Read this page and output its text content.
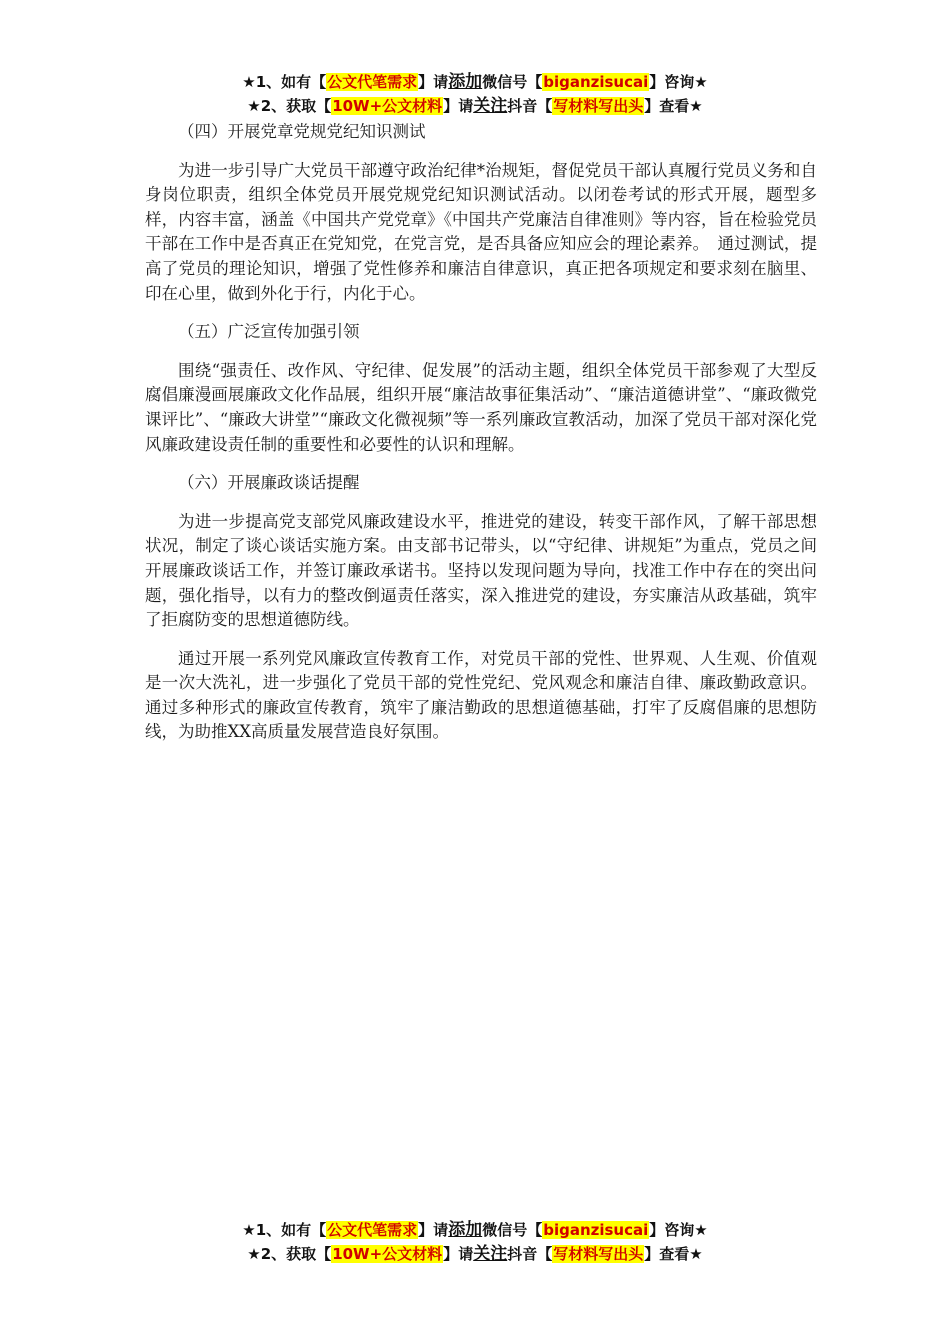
★1、如有【公文代笔需求】请添加微信号【biganzisucai】咨询★
★2、获取【10W+公文材料】请关注抖音【写材料写出头】查看★

（四）开展党章党规党纪知识测试

为进一步引导广大党员干部遵守政治纪律*治规矩，督促党员干部认真履行党员义务和自身岗位职责，组织全体党员开展党规党纪知识测试活动。以闭卷考试的形式开展，题型多样，内容丰富，涵盖《中国共产党党章》《中国共产党廉洁自律准则》等内容，旨在检验党员干部在工作中是否真正在党知党，在党言党，是否具备应知应会的理论素养。　通过测试，提高了党员的理论知识，增强了党性修养和廉洁自律意识，真正把各项规定和要求刻在脑里、印在心里，做到外化于行，内化于心。

（五）广泛宣传加强引领

围绕“强责任、改作风、守纪律、促发展”的活动主题，组织全体党员干部参观了大型反腐倡廉漫画展廉政文化作品展，组织开展“廉洁故事征集活动”、“廉洁道德讲堂”、“廉政微党课评比”、“廉政大讲堂”“廉政文化微视频”等一系列廉政宣教活动，加深了党员干部对深化党风廉政建设责任制的重要性和必要性的认识和理解。

（六）开展廉政谈话提醒

为进一步提高党支部党风廉政建设水平，推进党的建设，转变干部作风，了解干部思想状况，制定了谈心谈话实施方案。由支部书记带头，以“守纪律、讲规矩”为重点，党员之间开展廉政谈话工作，并签订廉政承诺书。坚持以发现问题为导向，找准工作中存在的突出问题，强化指导，以有力的整改倒逼责任落实，深入推进党的建设，夯实廉洁从政基础，筑牢了拒腐防变的思想道德防线。

通过开展一系列党风廉政宣传教育工作，对党员干部的党性、世界观、人生观、价值观是一次大洗礼，进一步强化了党员干部的党性党纪、党风观念和廉洁自律、廉政勤政意识。通过多种形式的廉政宣传教育，筑牢了廉洁勤政的思想道德基础，打牢了反腐倡廉的思想防线，为助推XX高质量发展营造良好氛围。

★1、如有【公文代笔需求】请添加微信号【biganzisucai】咨询★
★2、获取【10W+公文材料】请关注抖音【写材料写出头】查看★
